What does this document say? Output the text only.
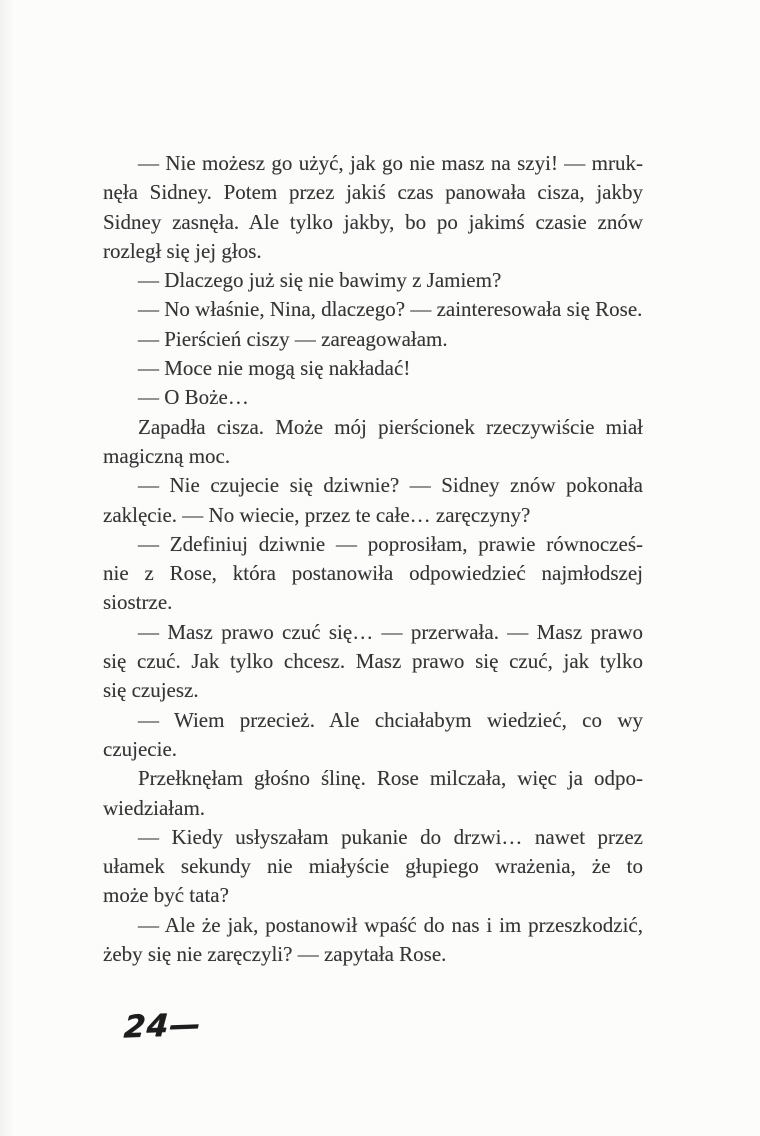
— Nie możesz go użyć, jak go nie masz na szyi! — mruk-
nęła Sidney. Potem przez jakiś czas panowała cisza, jakby
Sidney zasnęła. Ale tylko jakby, bo po jakimś czasie znów
rozległ się jej głos.

— Dlaczego już się nie bawimy z Jamiem?

— No właśnie, Nina, dlaczego? — zainteresowała się Rose.

— Pierścień ciszy — zareagowałam.

— Moce nie mogą się nakładać!

— O Boże…

Zapadła cisza. Może mój pierścionek rzeczywiście miał
magiczną moc.

— Nie czujecie się dziwnie? — Sidney znów pokonała
zaklęcie. — No wiecie, przez te całe… zaręczyny?

— Zdefiniuj dziwnie — poprosiłam, prawie równocześ-
nie z Rose, która postanowiła odpowiedzieć najmłodszej
siostrze.

— Masz prawo czuć się… — przerwała. — Masz prawo
się czuć. Jak tylko chcesz. Masz prawo się czuć, jak tylko
się czujesz.

— Wiem przecież. Ale chciałabym wiedzieć, co wy
czujecie.

Przełknęłam głośno ślinę. Rose milczała, więc ja odpo-
wiedziałam.

— Kiedy usłyszałam pukanie do drzwi… nawet przez
ułamek sekundy nie miałyście głupiego wrażenia, że to
może być tata?

— Ale że jak, postanowił wpaść do nas i im przeszkodzić,
żeby się nie zaręczyli? — zapytała Rose.

24—
